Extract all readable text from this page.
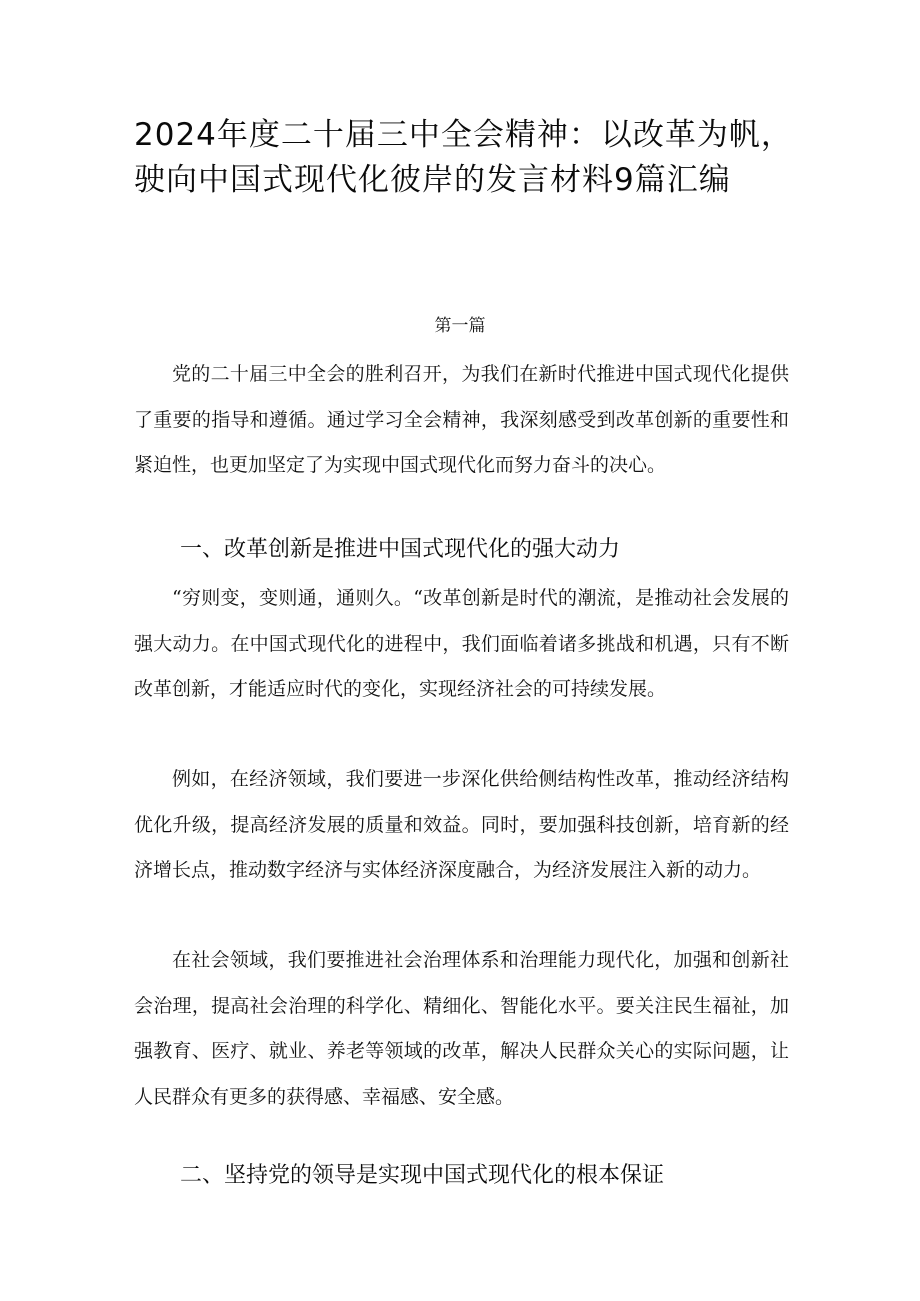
2024年度二十届三中全会精神：以改革为帆，驶向中国式现代化彼岸的发言材料9篇汇编
第一篇

党的二十届三中全会的胜利召开，为我们在新时代推进中国式现代化提供了重要的指导和遵循。通过学习全会精神，我深刻感受到改革创新的重要性和紧迫性，也更加坚定了为实现中国式现代化而努力奋斗的决心。

一、改革创新是推进中国式现代化的强大动力

“穷则变，变则通，通则久。“改革创新是时代的潮流，是推动社会发展的强大动力。在中国式现代化的进程中，我们面临着诸多挑战和机遇，只有不断改革创新，才能适应时代的变化，实现经济社会的可持续发展。

例如，在经济领域，我们要进一步深化供给侧结构性改革，推动经济结构优化升级，提高经济发展的质量和效益。同时，要加强科技创新，培育新的经济增长点，推动数字经济与实体经济深度融合，为经济发展注入新的动力。

在社会领域，我们要推进社会治理体系和治理能力现代化，加强和创新社会治理，提高社会治理的科学化、精细化、智能化水平。要关注民生福祉，加强教育、医疗、就业、养老等领域的改革，解决人民群众关心的实际问题，让人民群众有更多的获得感、幸福感、安全感。

二、坚持党的领导是实现中国式现代化的根本保证
